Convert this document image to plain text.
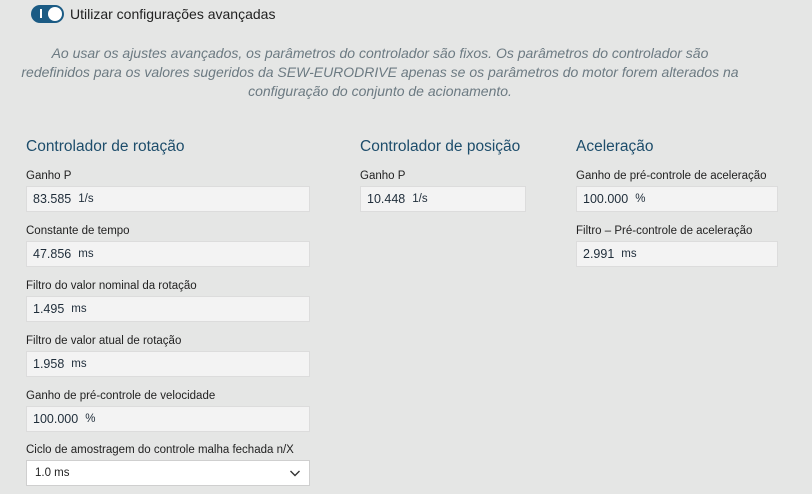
Utilizar configurações avançadas
Ao usar os ajustes avançados, os parâmetros do controlador são fixos. Os parâmetros do controlador são redefinidos para os valores sugeridos da SEW-EURODRIVE apenas se os parâmetros do motor forem alterados na configuração do conjunto de acionamento.
Controlador de rotação
Ganho P
83.585 1/s
Constante de tempo
47.856 ms
Filtro do valor nominal da rotação
1.495 ms
Filtro de valor atual de rotação
1.958 ms
Ganho de pré-controle de velocidade
100.000 %
Ciclo de amostragem do controle malha fechada n/X
1.0 ms
Controlador de posição
Ganho P
10.448 1/s
Aceleração
Ganho de pré-controle de aceleração
100.000 %
Filtro – Pré-controle de aceleração
2.991 ms
